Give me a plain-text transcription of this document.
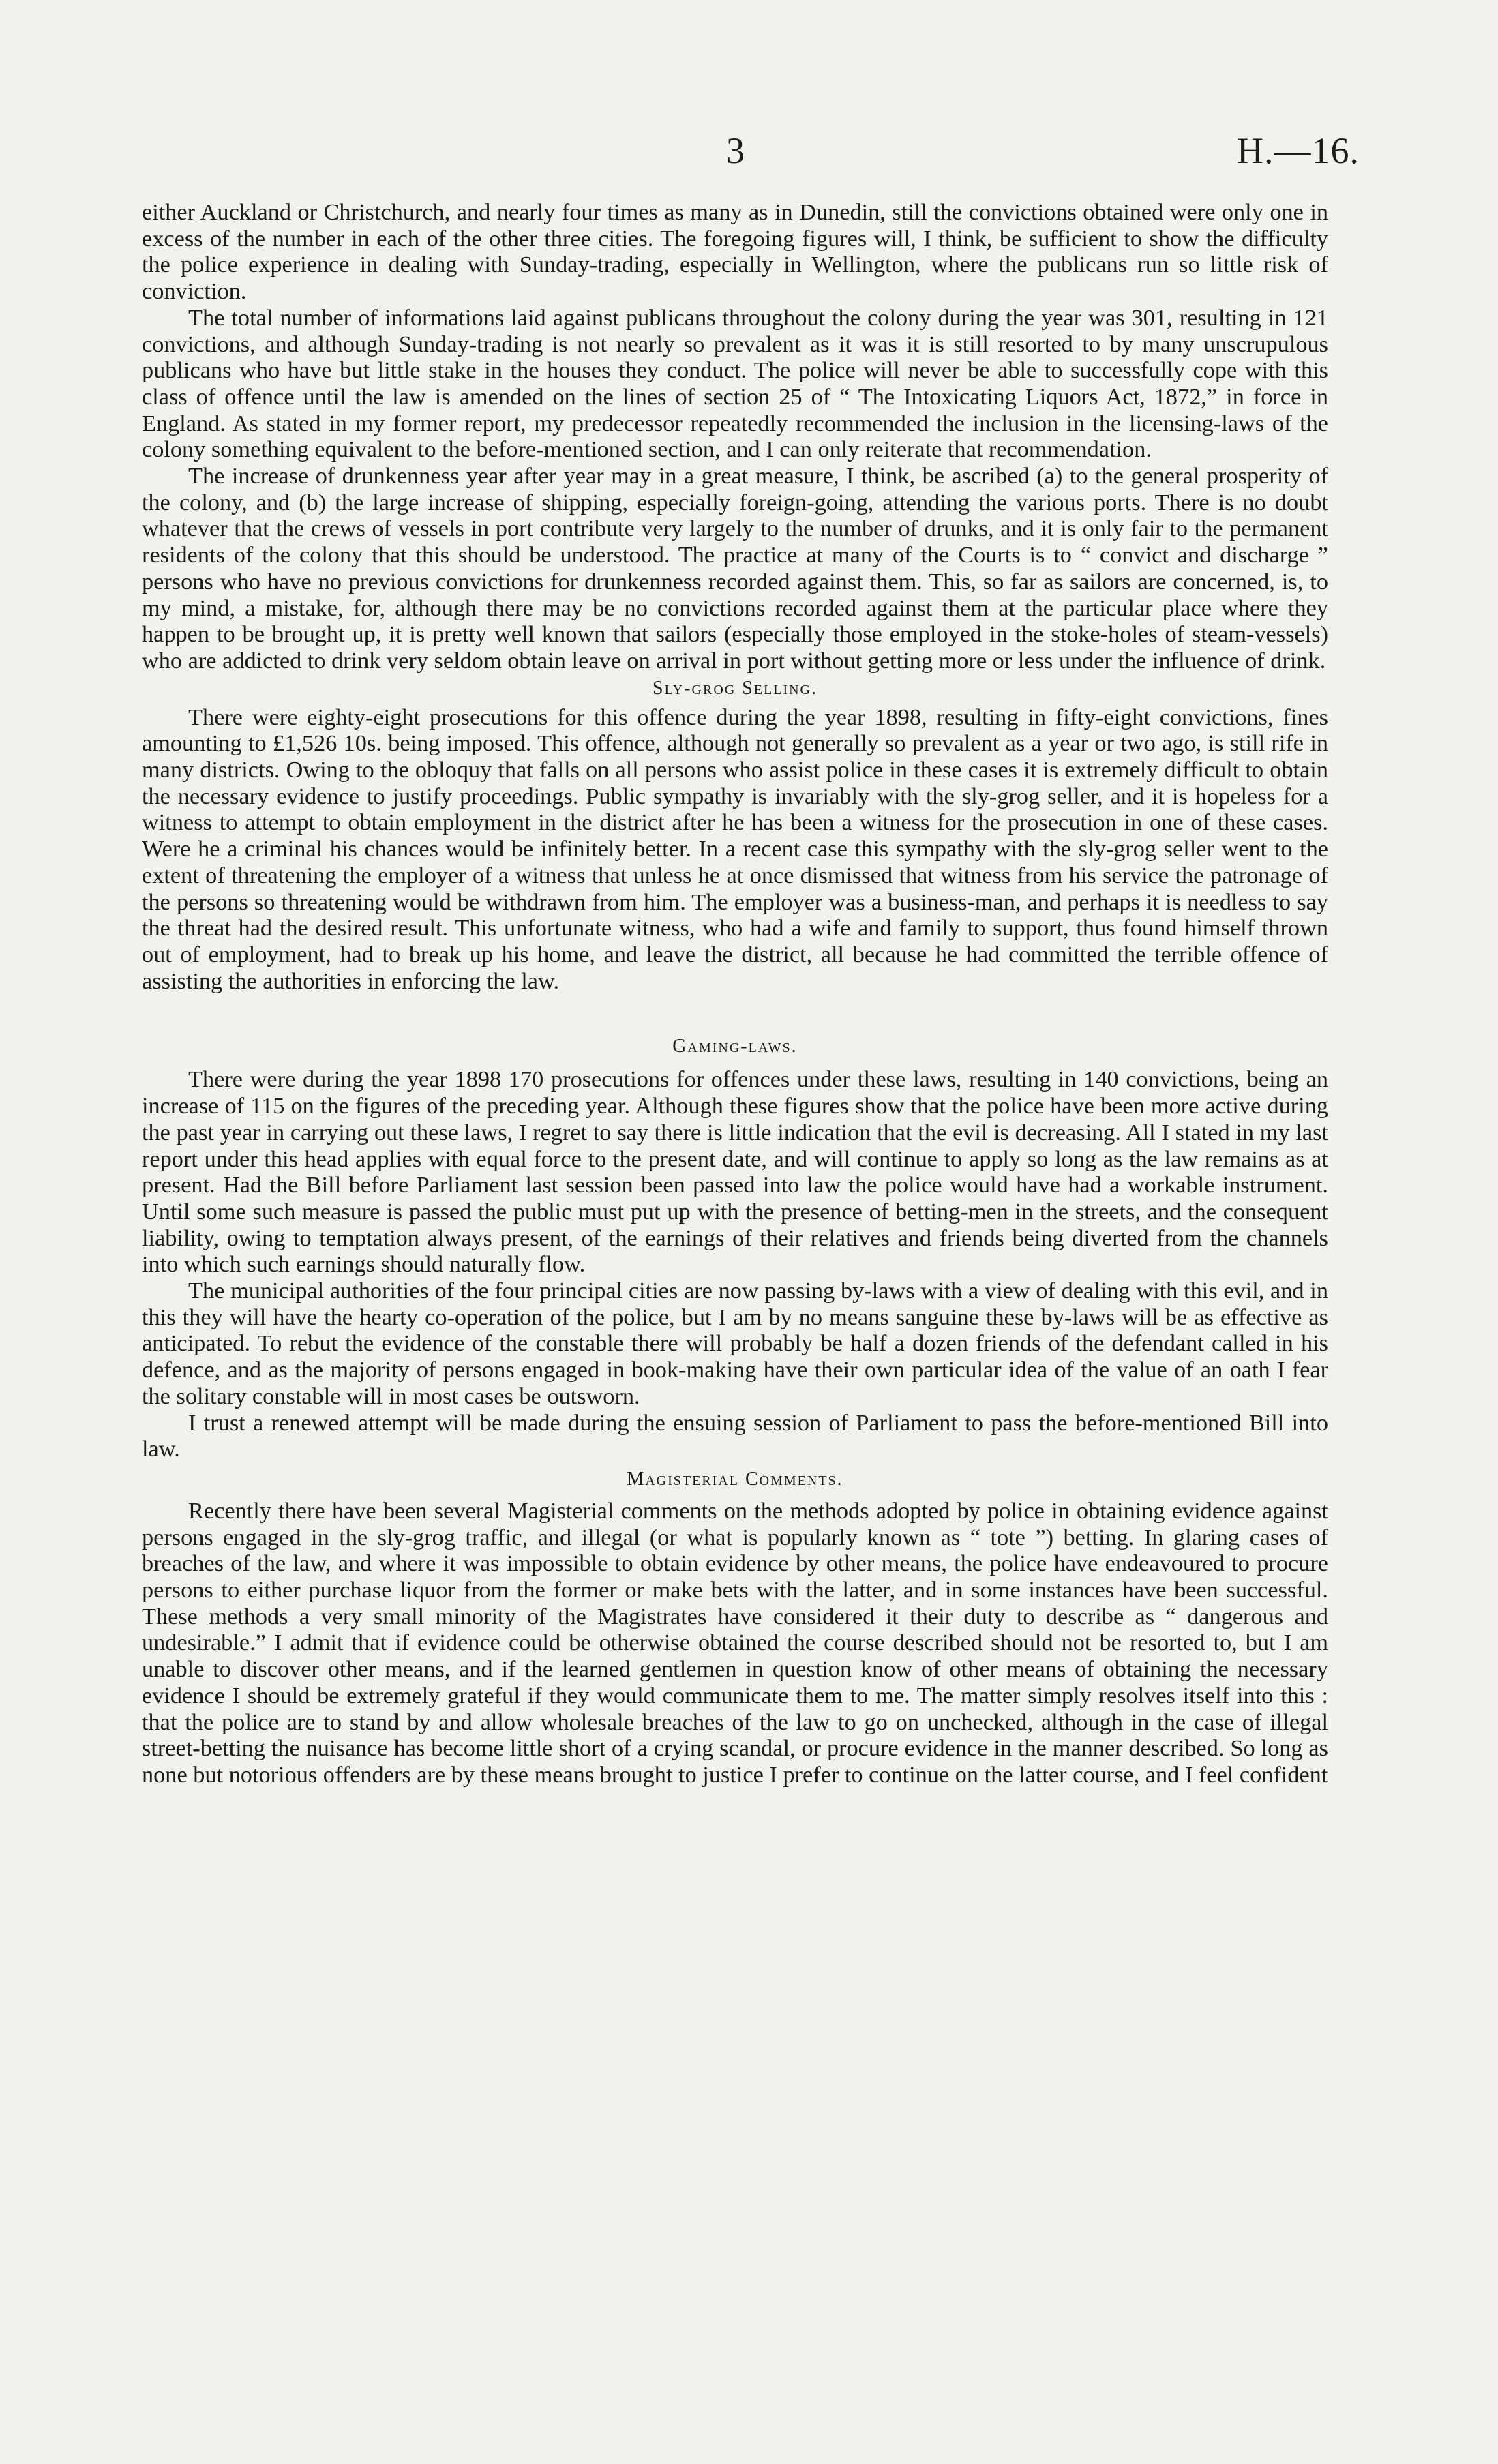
3	H.—16.

either Auckland or Christchurch, and nearly four times as many as in Dunedin, still the convictions obtained were only one in excess of the number in each of the other three cities. The foregoing figures will, I think, be sufficient to show the difficulty the police experience in dealing with Sunday-trading, especially in Wellington, where the publicans run so little risk of conviction.

The total number of informations laid against publicans throughout the colony during the year was 301, resulting in 121 convictions, and although Sunday-trading is not nearly so prevalent as it was it is still resorted to by many unscrupulous publicans who have but little stake in the houses they conduct. The police will never be able to successfully cope with this class of offence until the law is amended on the lines of section 25 of “ The Intoxicating Liquors Act, 1872,” in force in England. As stated in my former report, my predecessor repeatedly recommended the inclusion in the licensing-laws of the colony something equivalent to the before-mentioned section, and I can only reiterate that recommendation.

The increase of drunkenness year after year may in a great measure, I think, be ascribed (a) to the general prosperity of the colony, and (b) the large increase of shipping, especially foreign-going, attending the various ports. There is no doubt whatever that the crews of vessels in port contribute very largely to the number of drunks, and it is only fair to the permanent residents of the colony that this should be understood. The practice at many of the Courts is to “ convict and discharge ” persons who have no previous convictions for drunkenness recorded against them. This, so far as sailors are concerned, is, to my mind, a mistake, for, although there may be no convictions recorded against them at the particular place where they happen to be brought up, it is pretty well known that sailors (especially those employed in the stoke-holes of steam-vessels) who are addicted to drink very seldom obtain leave on arrival in port without getting more or less under the influence of drink.

Sly-grog Selling.

There were eighty-eight prosecutions for this offence during the year 1898, resulting in fifty-eight convictions, fines amounting to £1,526 10s. being imposed. This offence, although not generally so prevalent as a year or two ago, is still rife in many districts. Owing to the obloquy that falls on all persons who assist police in these cases it is extremely difficult to obtain the necessary evidence to justify proceedings. Public sympathy is invariably with the sly-grog seller, and it is hopeless for a witness to attempt to obtain employment in the district after he has been a witness for the prosecution in one of these cases. Were he a criminal his chances would be infinitely better. In a recent case this sympathy with the sly-grog seller went to the extent of threatening the employer of a witness that unless he at once dismissed that witness from his service the patronage of the persons so threatening would be withdrawn from him. The employer was a business-man, and perhaps it is needless to say the threat had the desired result. This unfortunate witness, who had a wife and family to support, thus found himself thrown out of employment, had to break up his home, and leave the district, all because he had committed the terrible offence of assisting the authorities in enforcing the law.

Gaming-laws.

There were during the year 1898 170 prosecutions for offences under these laws, resulting in 140 convictions, being an increase of 115 on the figures of the preceding year. Although these figures show that the police have been more active during the past year in carrying out these laws, I regret to say there is little indication that the evil is decreasing. All I stated in my last report under this head applies with equal force to the present date, and will continue to apply so long as the law remains as at present. Had the Bill before Parliament last session been passed into law the police would have had a workable instrument. Until some such measure is passed the public must put up with the presence of betting-men in the streets, and the consequent liability, owing to temptation always present, of the earnings of their relatives and friends being diverted from the channels into which such earnings should naturally flow.

The municipal authorities of the four principal cities are now passing by-laws with a view of dealing with this evil, and in this they will have the hearty co-operation of the police, but I am by no means sanguine these by-laws will be as effective as anticipated. To rebut the evidence of the constable there will probably be half a dozen friends of the defendant called in his defence, and as the majority of persons engaged in book-making have their own particular idea of the value of an oath I fear the solitary constable will in most cases be outsworn.

I trust a renewed attempt will be made during the ensuing session of Parliament to pass the before-mentioned Bill into law.

Magisterial Comments.

Recently there have been several Magisterial comments on the methods adopted by police in obtaining evidence against persons engaged in the sly-grog traffic, and illegal (or what is popularly known as “ tote ”) betting. In glaring cases of breaches of the law, and where it was impossible to obtain evidence by other means, the police have endeavoured to procure persons to either purchase liquor from the former or make bets with the latter, and in some instances have been successful. These methods a very small minority of the Magistrates have considered it their duty to describe as “ dangerous and undesirable.” I admit that if evidence could be otherwise obtained the course described should not be resorted to, but I am unable to discover other means, and if the learned gentlemen in question know of other means of obtaining the necessary evidence I should be extremely grateful if they would communicate them to me. The matter simply resolves itself into this : that the police are to stand by and allow wholesale breaches of the law to go on unchecked, although in the case of illegal street-betting the nuisance has become little short of a crying scandal, or procure evidence in the manner described. So long as none but notorious offenders are by these means brought to justice I prefer to continue on the latter course, and I feel confident
